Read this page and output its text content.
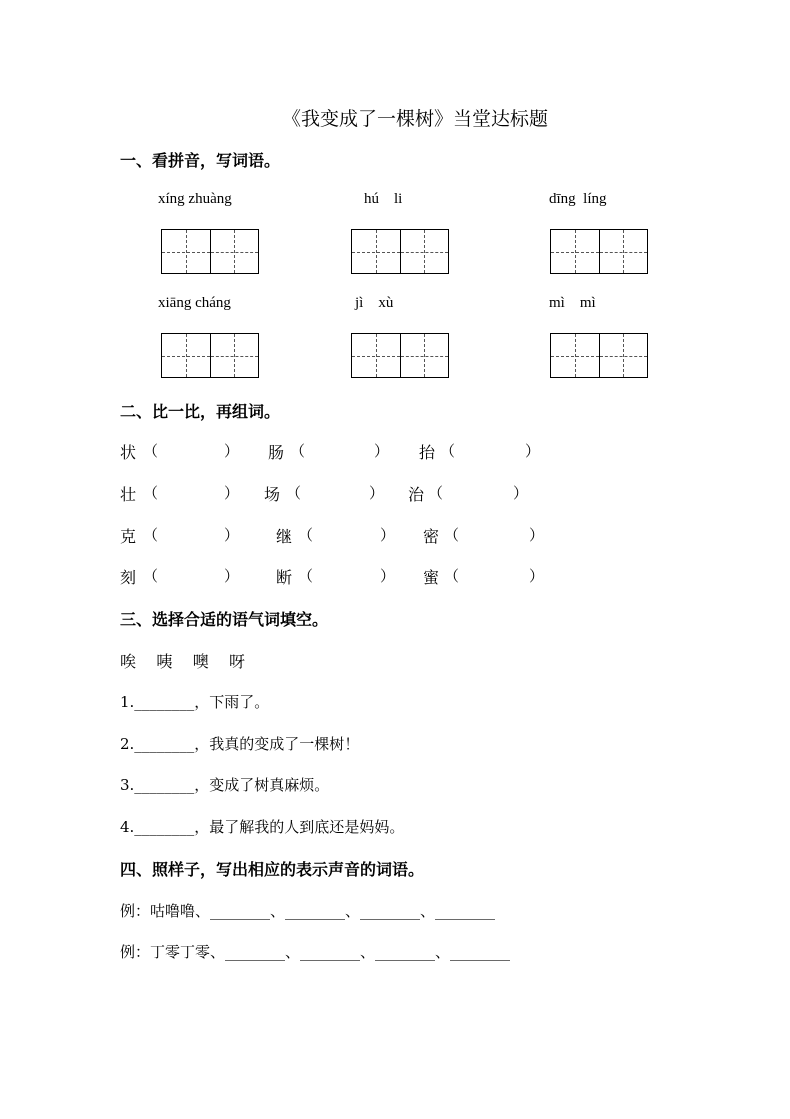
《我变成了一棵树》当堂达标题
一、看拼音，写词语。
xíng zhuàng	hú    li	dīng  líng
xiāng cháng	jì    xù	mì    mì
二、比一比，再组词。
状 （	） 肠 （	） 抬 （	）
壮 （	） 场 （	） 治 （	）
克 （	） 继 （	） 密 （	）
刻 （	） 断 （	） 蜜 （	）
三、选择合适的语气词填空。
唉    咦    噢    呀
1.________，下雨了。
2.________，我真的变成了一棵树！
3.________，变成了树真麻烦。
4.________，最了解我的人到底还是妈妈。
四、照样子，写出相应的表示声音的词语。
例：咕噜噜、________、________、________、________
例：丁零丁零、________、________、________、________
